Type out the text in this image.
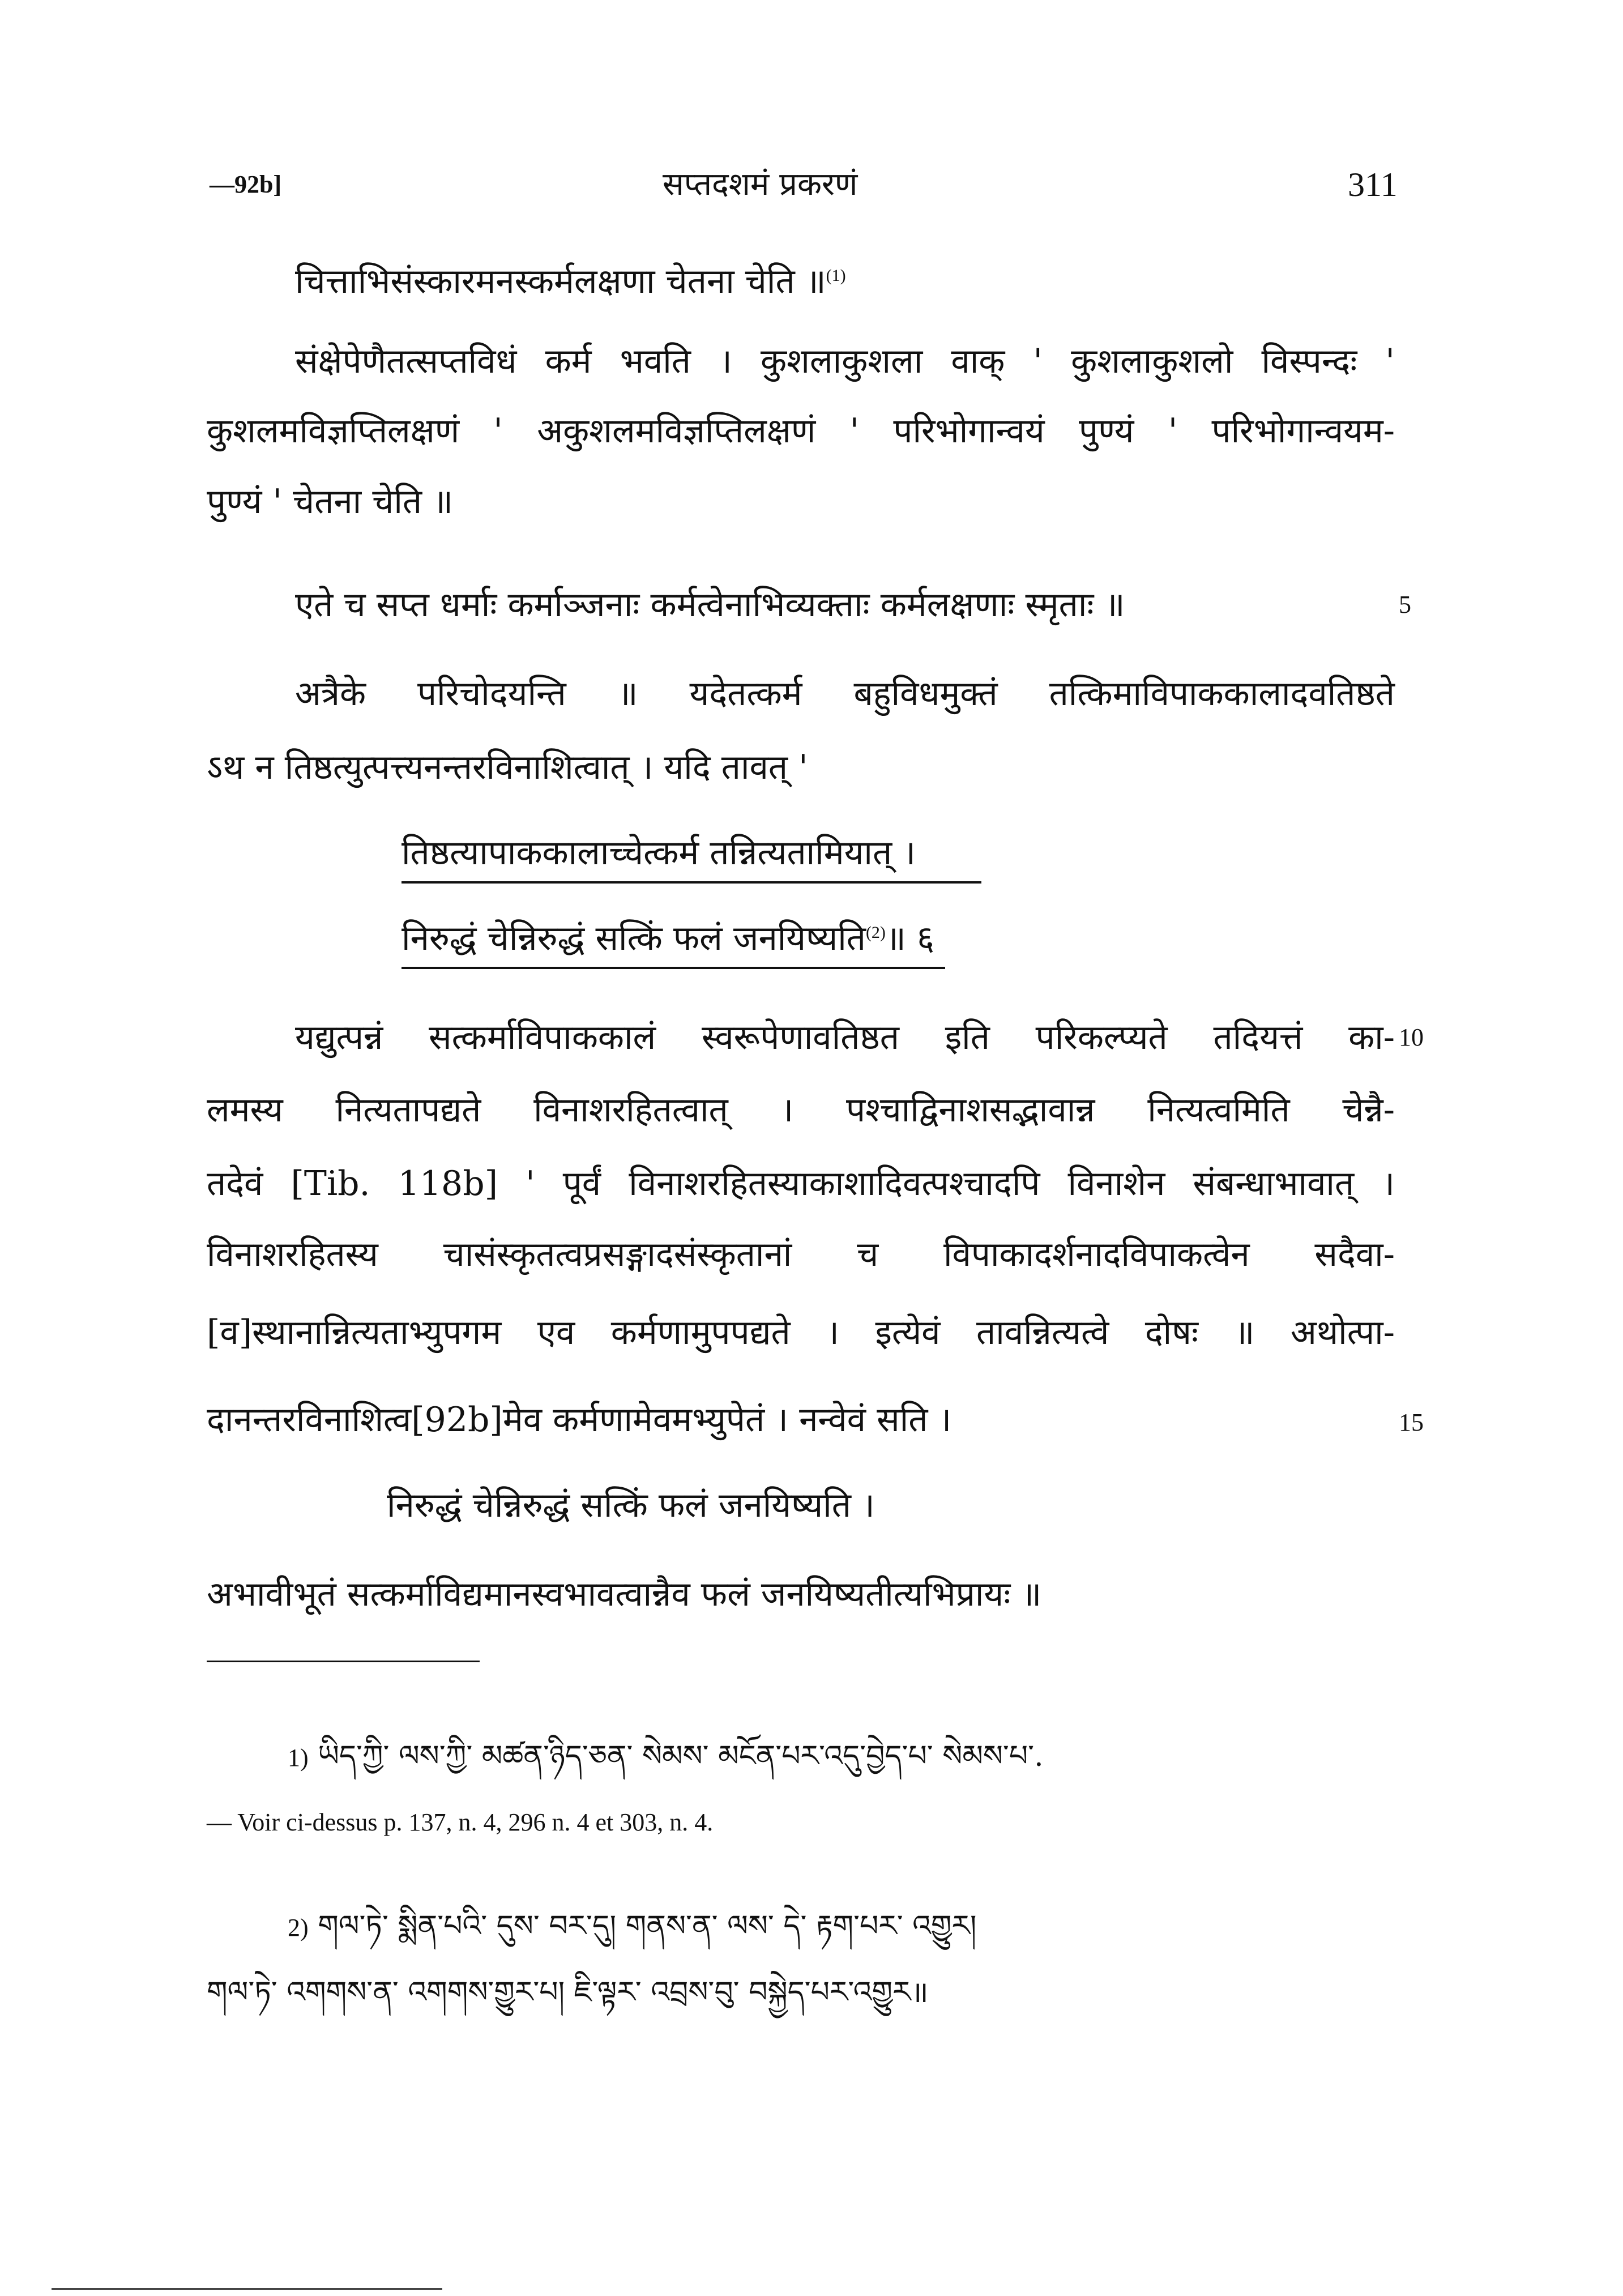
—92b]	सप्तदशमं प्रकरणं	311
चित्ताभिसंस्कारमनस्कर्मलक्षणा चेतना चेति ॥$^{(1)}$
संक्षेपेणैतत्सप्तविधं कर्म भवति । कुशलाकुशला वाक् ' कुशलाकुशलो विस्पन्दः '
कुशलमविज्ञप्तिलक्षणं ' अकुशलमविज्ञप्तिलक्षणं ' परिभोगान्वयं पुण्यं ' परिभोगान्वयम-
पुण्यं ' चेतना चेति ॥
एते च सप्त धर्माः कर्माञ्जनाः कर्मत्वेनाभिव्यक्ताः कर्मलक्षणाः स्मृताः ॥	5
अत्रैके परिचोदयन्ति ॥ यदेतत्कर्म बहुविधमुक्तं तत्किमाविपाककालादवतिष्ठते
ऽथ न तिष्ठत्युत्पत्त्यनन्तरविनाशित्वात् । यदि तावत् '
तिष्ठत्यापाककालाच्चेत्कर्म तन्नित्यतामियात् ।
निरुद्धं चेन्निरुद्धं सत्किं फलं जनयिष्यति$^{(2)}$॥ ६
यद्युत्पन्नं सत्कर्माविपाककालं स्वरूपेणावतिष्ठत इति परिकल्प्यते तदियत्तं का- 10
लमस्य नित्यतापद्यते विनाशरहितत्वात् । पश्चाद्विनाशसद्भावान्न नित्यत्वमिति चेन्नै-
तदेवं [Tib. 118b] ' पूर्वं विनाशरहितस्याकाशादिवत्पश्चादपि विनाशेन संबन्धाभावात् ।
विनाशरहितस्य चासंस्कृतत्वप्रसङ्गादसंस्कृतानां च विपाकादर्शनादविपाकत्वेन सदैवा-
[व]स्थानान्नित्यताभ्युपगम एव कर्मणामुपपद्यते । इत्येवं तावन्नित्यत्वे दोषः ॥ अथोत्पा-
दानन्तरविनाशित्व[92b]मेव कर्मणामेवमभ्युपेतं । नन्वेवं सति ।	15
निरुद्धं चेन्निरुद्धं सत्किं फलं जनयिष्यति ।
अभावीभूतं सत्कर्माविद्यमानस्वभावत्वान्नैव फलं जनयिष्यतीत्यभिप्रायः ॥
1) ཡིད་ཀྱི་ ལས་ཀྱི་ མཚན་ཉིད་ཅན་ སེམས་ མངོན་པར་འདུ་བྱེད་པ་ སེམས་པ་.
— Voir ci-dessus p. 137, n. 4, 296 n. 4 et 303, n. 4.
2) གལ་ཏེ་ སྨིན་པའི་ དུས་ བར་དུ། གནས་ན་ ལས་ དེ་ རྟག་པར་ འགྱུར།
གལ་ཏེ་ འགགས་ན་ འགགས་གྱུར་པ། ཇི་ལྟར་ འབྲས་བུ་ བསྐྱེད་པར་འགྱུར॥
